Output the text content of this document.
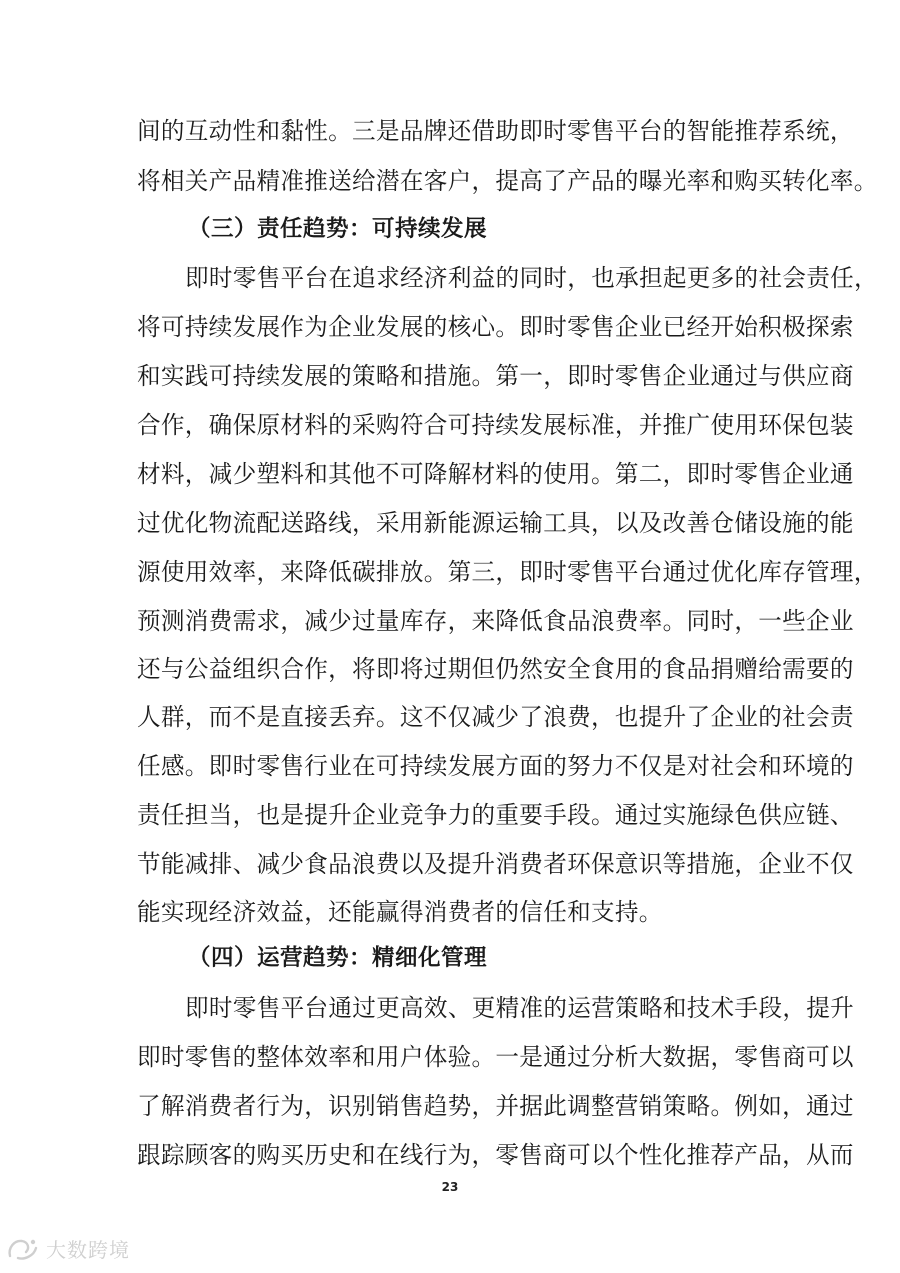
间的互动性和黏性。三是品牌还借助即时零售平台的智能推荐系统，
将相关产品精准推送给潜在客户，提高了产品的曝光率和购买转化率。
（三）责任趋势：可持续发展
即时零售平台在追求经济利益的同时，也承担起更多的社会责任，
将可持续发展作为企业发展的核心。即时零售企业已经开始积极探索
和实践可持续发展的策略和措施。第一，即时零售企业通过与供应商
合作，确保原材料的采购符合可持续发展标准，并推广使用环保包装
材料，减少塑料和其他不可降解材料的使用。第二，即时零售企业通
过优化物流配送路线，采用新能源运输工具，以及改善仓储设施的能
源使用效率，来降低碳排放。第三，即时零售平台通过优化库存管理，
预测消费需求，减少过量库存，来降低食品浪费率。同时，一些企业
还与公益组织合作，将即将过期但仍然安全食用的食品捐赠给需要的
人群，而不是直接丢弃。这不仅减少了浪费，也提升了企业的社会责
任感。即时零售行业在可持续发展方面的努力不仅是对社会和环境的
责任担当，也是提升企业竞争力的重要手段。通过实施绿色供应链、
节能减排、减少食品浪费以及提升消费者环保意识等措施，企业不仅
能实现经济效益，还能赢得消费者的信任和支持。
（四）运营趋势：精细化管理
即时零售平台通过更高效、更精准的运营策略和技术手段，提升
即时零售的整体效率和用户体验。一是通过分析大数据，零售商可以
了解消费者行为，识别销售趋势，并据此调整营销策略。例如，通过
跟踪顾客的购买历史和在线行为，零售商可以个性化推荐产品，从而
23
大数跨境
